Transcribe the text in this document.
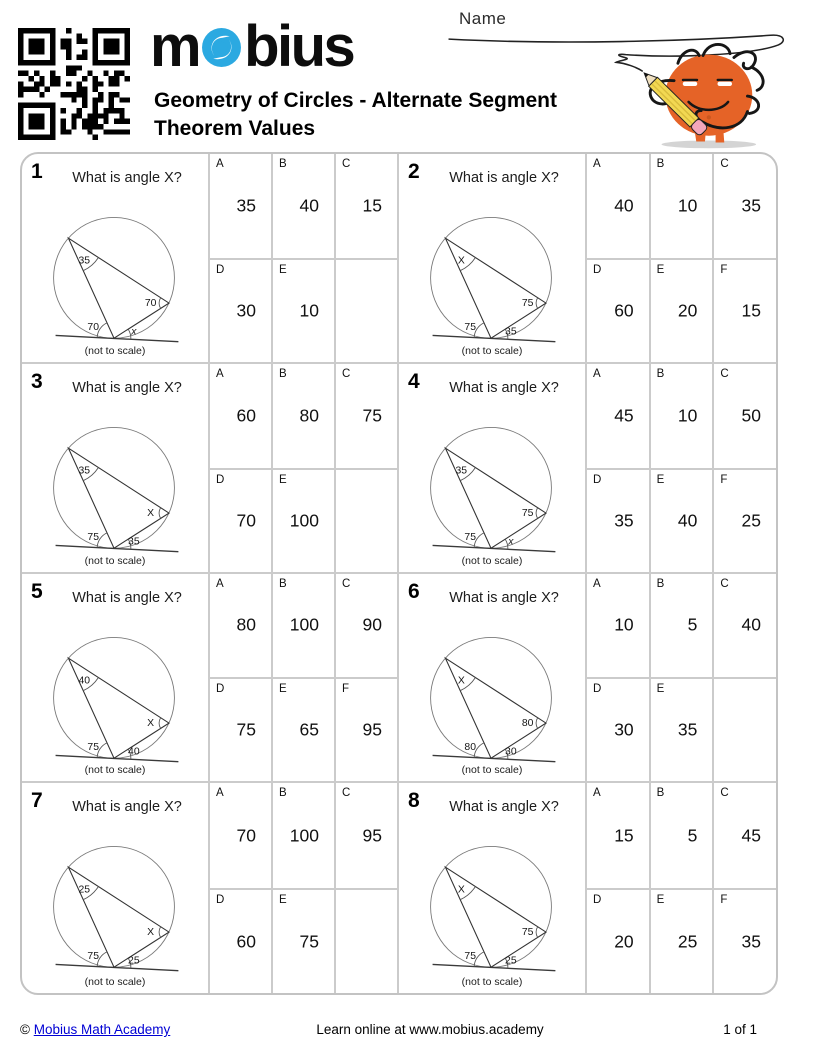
m bius
Geometry of Circles - Alternate Segment
Theorem Values
Name
1	What is angle X?
35
70
70	x
(not to scale)
A
35
B
40
C
15
D
30
E
10
2	What is angle X?
X
75
75	35
(not to scale)
A
40
B
10
C
35
D
60
E
20
F
15
3	What is angle X?
35
X
75	35
(not to scale)
A
60
B
80
C
75
D
70
E
100
4	What is angle X?
35
75
75	x
(not to scale)
A
45
B
10
C
50
D
35
E
40
F
25
5	What is angle X?
40
X
75	40
(not to scale)
A
80
B
100
C
90
D
75
E
65
F
95
6	What is angle X?
X
80
80	30
(not to scale)
A
10
B
5
C
40
D
30
E
35
7	What is angle X?
25
X
75	25
(not to scale)
A
70
B
100
C
95
D
60
E
75
8	What is angle X?
X
75
75	25
(not to scale)
A
15
B
5
C
45
D
20
E
25
F
35
© Mobius Math Academy	Learn online at www.mobius.academy	1 of 1
